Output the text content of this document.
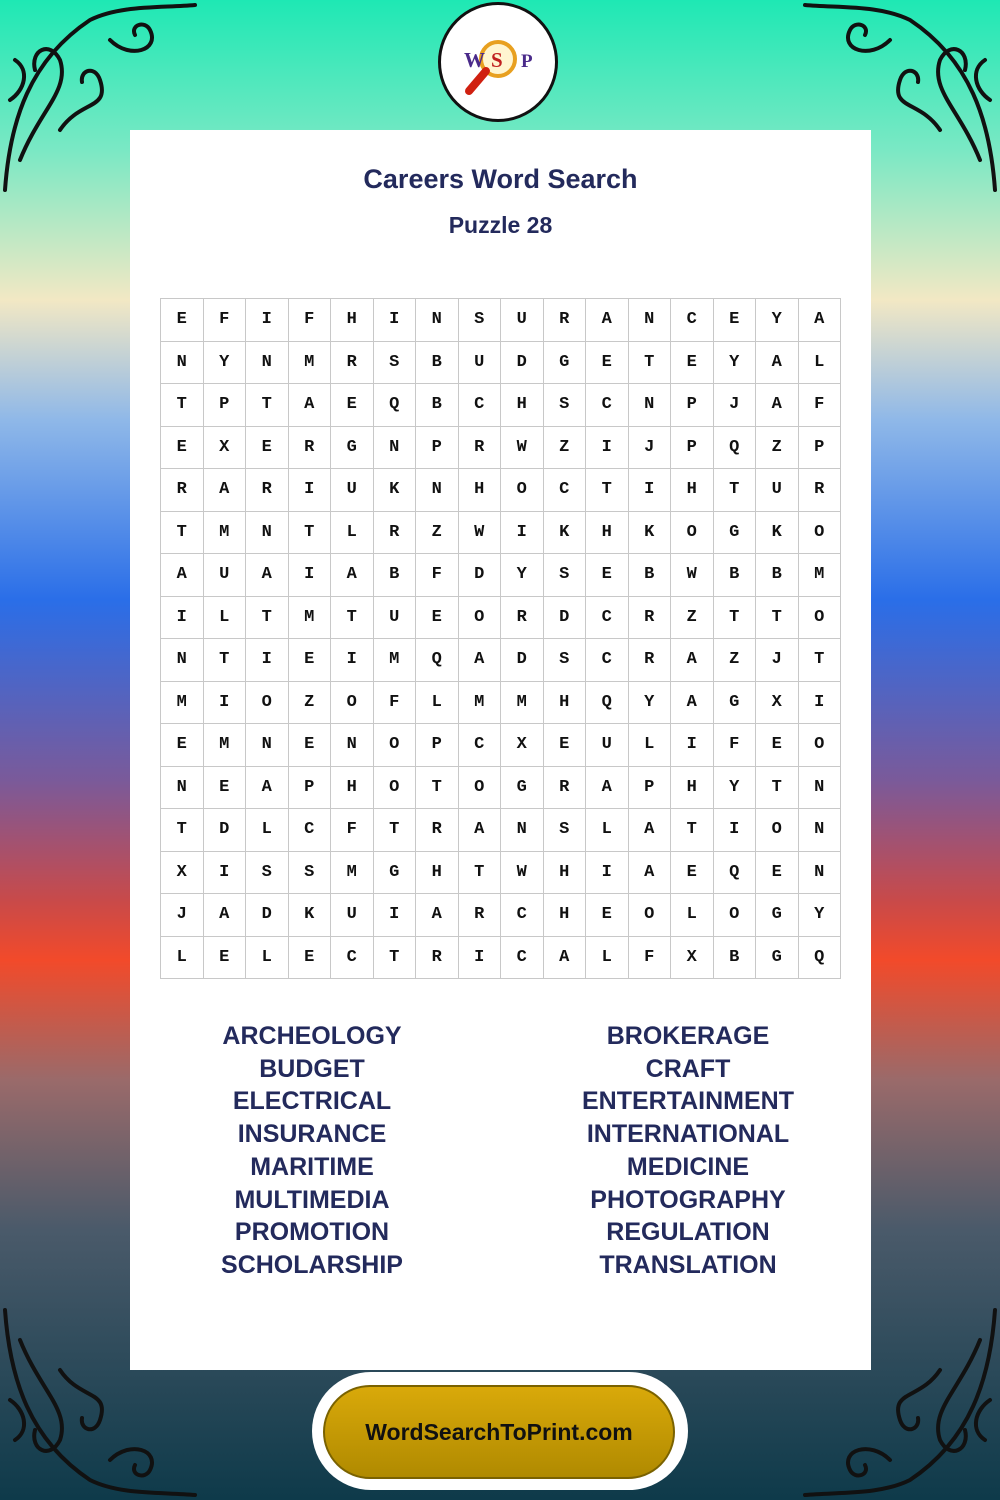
W S P
Careers Word Search
Puzzle 28
E	F	I	F	H	I	N	S	U	R	A	N	C	E	Y	A
N	Y	N	M	R	S	B	U	D	G	E	T	E	Y	A	L
T	P	T	A	E	Q	B	C	H	S	C	N	P	J	A	F
E	X	E	R	G	N	P	R	W	Z	I	J	P	Q	Z	P
R	A	R	I	U	K	N	H	O	C	T	I	H	T	U	R
T	M	N	T	L	R	Z	W	I	K	H	K	O	G	K	O
A	U	A	I	A	B	F	D	Y	S	E	B	W	B	B	M
I	L	T	M	T	U	E	O	R	D	C	R	Z	T	T	O
N	T	I	E	I	M	Q	A	D	S	C	R	A	Z	J	T
M	I	O	Z	O	F	L	M	M	H	Q	Y	A	G	X	I
E	M	N	E	N	O	P	C	X	E	U	L	I	F	E	O
N	E	A	P	H	O	T	O	G	R	A	P	H	Y	T	N
T	D	L	C	F	T	R	A	N	S	L	A	T	I	O	N
X	I	S	S	M	G	H	T	W	H	I	A	E	Q	E	N
J	A	D	K	U	I	A	R	C	H	E	O	L	O	G	Y
L	E	L	E	C	T	R	I	C	A	L	F	X	B	G	Q
ARCHEOLOGY
BUDGET
ELECTRICAL
INSURANCE
MARITIME
MULTIMEDIA
PROMOTION
SCHOLARSHIP
BROKERAGE
CRAFT
ENTERTAINMENT
INTERNATIONAL
MEDICINE
PHOTOGRAPHY
REGULATION
TRANSLATION
WordSearchToPrint.com
